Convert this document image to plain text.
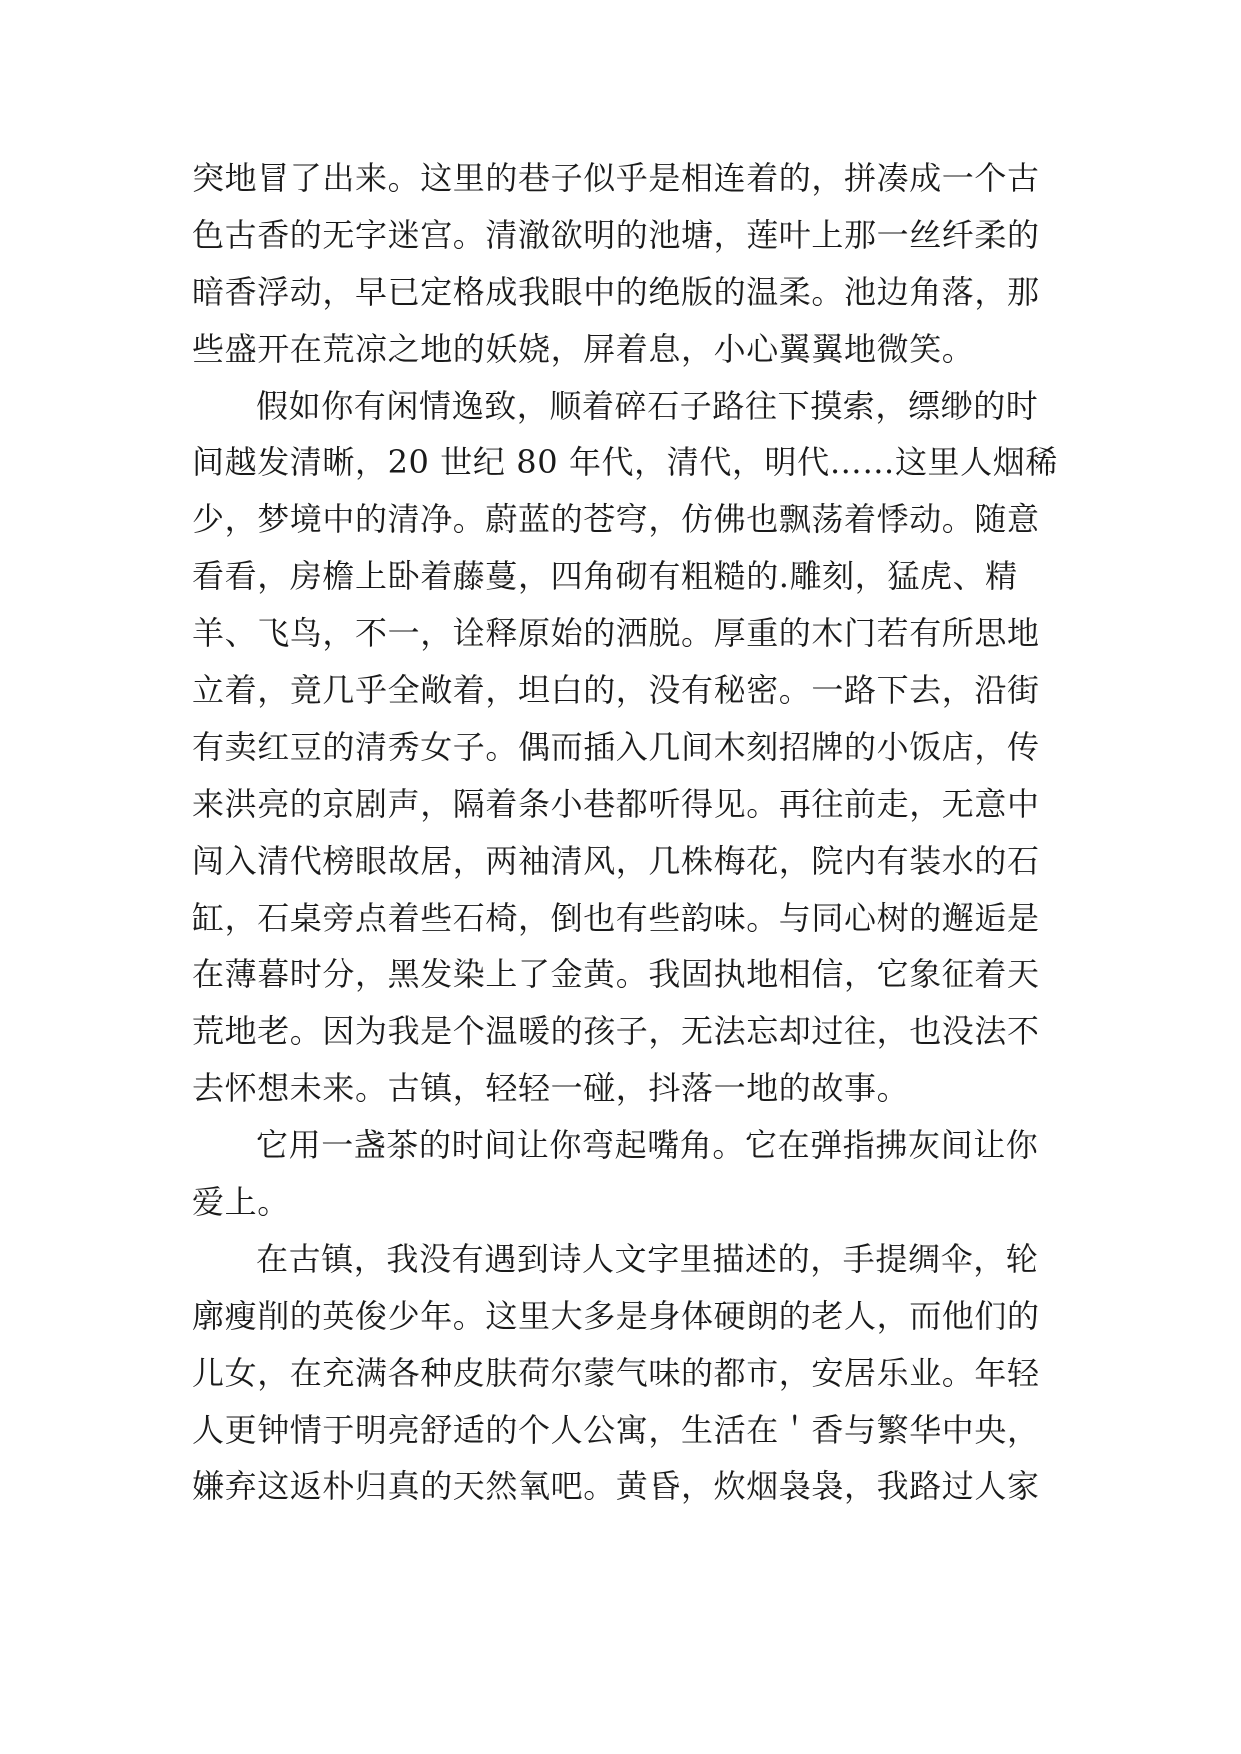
突地冒了出来。这里的巷子似乎是相连着的，拼凑成一个古
色古香的无字迷宫。清澈欲明的池塘，莲叶上那一丝纤柔的
暗香浮动，早已定格成我眼中的绝版的温柔。池边角落，那
些盛开在荒凉之地的妖娆，屏着息，小心翼翼地微笑。
假如你有闲情逸致，顺着碎石子路往下摸索，缥缈的时
间越发清晰，20 世纪 80 年代，清代，明代……这里人烟稀
少，梦境中的清净。蔚蓝的苍穹，仿佛也飘荡着悸动。随意
看看，房檐上卧着藤蔓，四角砌有粗糙的.雕刻，猛虎、精
羊、飞鸟，不一，诠释原始的洒脱。厚重的木门若有所思地
立着，竟几乎全敞着，坦白的，没有秘密。一路下去，沿街
有卖红豆的清秀女子。偶而插入几间木刻招牌的小饭店，传
来洪亮的京剧声，隔着条小巷都听得见。再往前走，无意中
闯入清代榜眼故居，两袖清风，几株梅花，院内有装水的石
缸，石桌旁点着些石椅，倒也有些韵味。与同心树的邂逅是
在薄暮时分，黑发染上了金黄。我固执地相信，它象征着天
荒地老。因为我是个温暖的孩子，无法忘却过往，也没法不
去怀想未来。古镇，轻轻一碰，抖落一地的故事。
它用一盏茶的时间让你弯起嘴角。它在弹指拂灰间让你
爱上。
在古镇，我没有遇到诗人文字里描述的，手提绸伞，轮
廓瘦削的英俊少年。这里大多是身体硬朗的老人，而他们的
儿女，在充满各种皮肤荷尔蒙气味的都市，安居乐业。年轻
人更钟情于明亮舒适的个人公寓，生活在＇香与繁华中央，
嫌弃这返朴归真的天然氧吧。黄昏，炊烟袅袅，我路过人家
